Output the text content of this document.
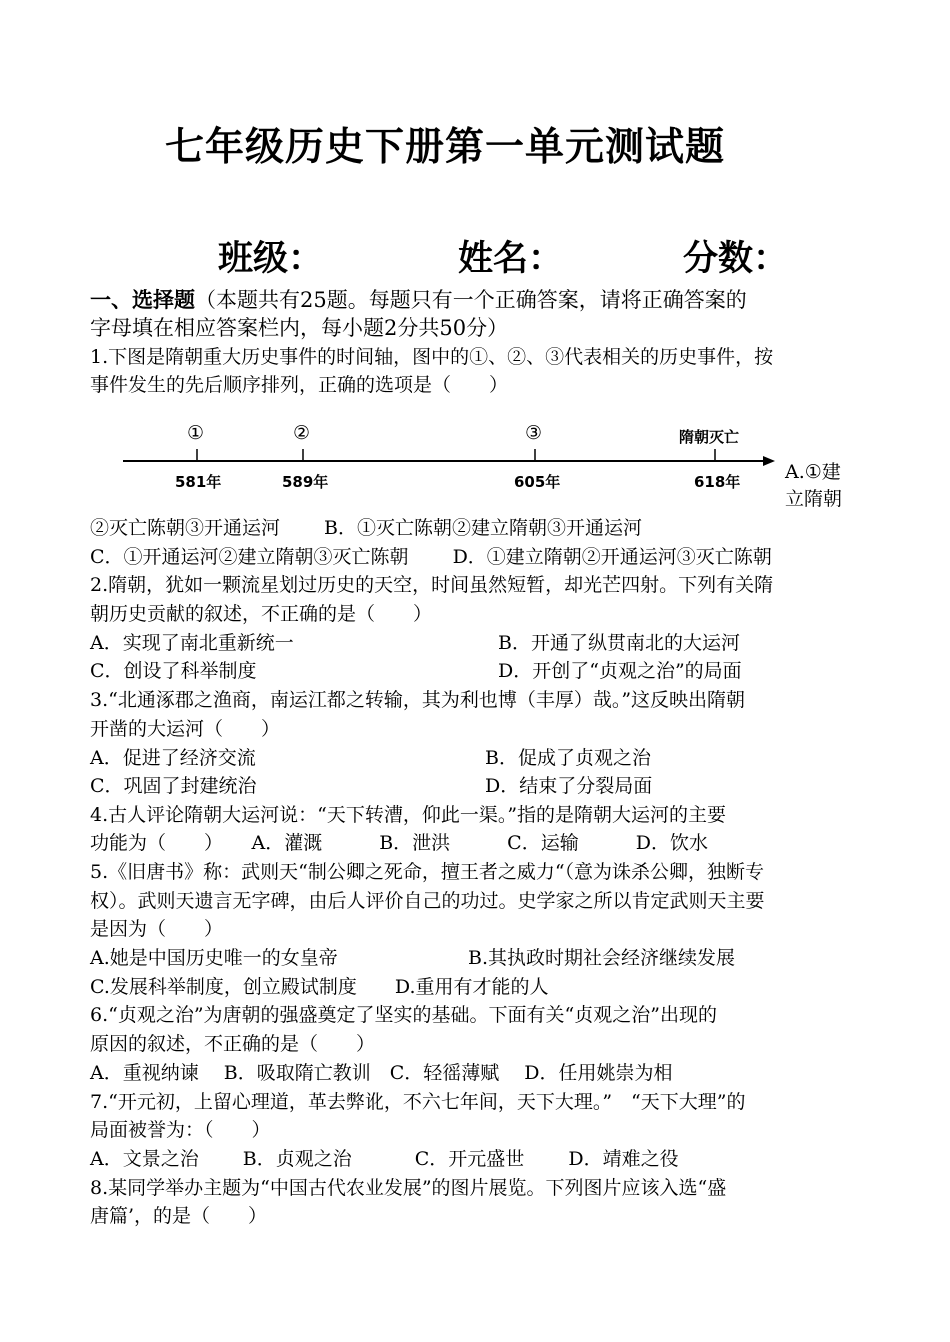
七年级历史下册第一单元测试题
班级：	姓名：	分数：
一、选择题（本题共有25题。每题只有一个正确答案，请将正确答案的
字母填在相应答案栏内，每小题2分共50分）
1.下图是隋朝重大历史事件的时间轴，图中的①、②、③代表相关的历史事件，按
事件发生的先后顺序排列，正确的选项是（　　）
①	②	③	隋朝灭亡
581年	589年	605年	618年 A.①建
立隋朝
②灭亡陈朝③开通运河　　 B．①灭亡陈朝②建立隋朝③开通运河
C．①开通运河②建立隋朝③灭亡陈朝　　 D．①建立隋朝②开通运河③灭亡陈朝
2.隋朝，犹如一颗流星划过历史的天空，时间虽然短暂，却光芒四射。下列有关隋
朝历史贡献的叙述，不正确的是（　　）
A．实现了南北重新统一	B．开通了纵贯南北的大运河
C．创设了科举制度	D．开创了“贞观之治”的局面
3.“北通涿郡之渔商，南运江都之转输，其为利也博（丰厚）哉。”这反映出隋朝
开凿的大运河（　　）
A．促进了经济交流	B．促成了贞观之治
C．巩固了封建统治	D．结束了分裂局面
4.古人评论隋朝大运河说：“天下转漕，仰此一渠。”指的是隋朝大运河的主要
功能为（　　）　　A．灌溉　　　B．泄洪　　　C．运输　　　D．饮水
5.《旧唐书》称：武则天“制公卿之死命，擅王者之威力“（意为诛杀公卿，独断专
权）。武则天遗言无字碑，由后人评价自己的功过。史学家之所以肯定武则天主要
是因为（　　）
A.她是中国历史唯一的女皇帝	B.其执政时期社会经济继续发展
C.发展科举制度，创立殿试制度　　D.重用有才能的人
6.“贞观之治”为唐朝的强盛奠定了坚实的基础。下面有关“贞观之治”出现的
原因的叙述，不正确的是（　　）
A．重视纳谏　 B．吸取隋亡教训　C．轻徭薄赋　 D．任用姚崇为相
7.“开元初，上留心理道，革去弊讹，不六七年间，天下大理。”　“天下大理”的
局面被誉为：（　　）
A．文景之治　　 B．贞观之治　　　 C．开元盛世　　 D．靖难之役
8.某同学举办主题为“中国古代农业发展”的图片展览。下列图片应该入选“盛
唐篇’，的是（　　）
